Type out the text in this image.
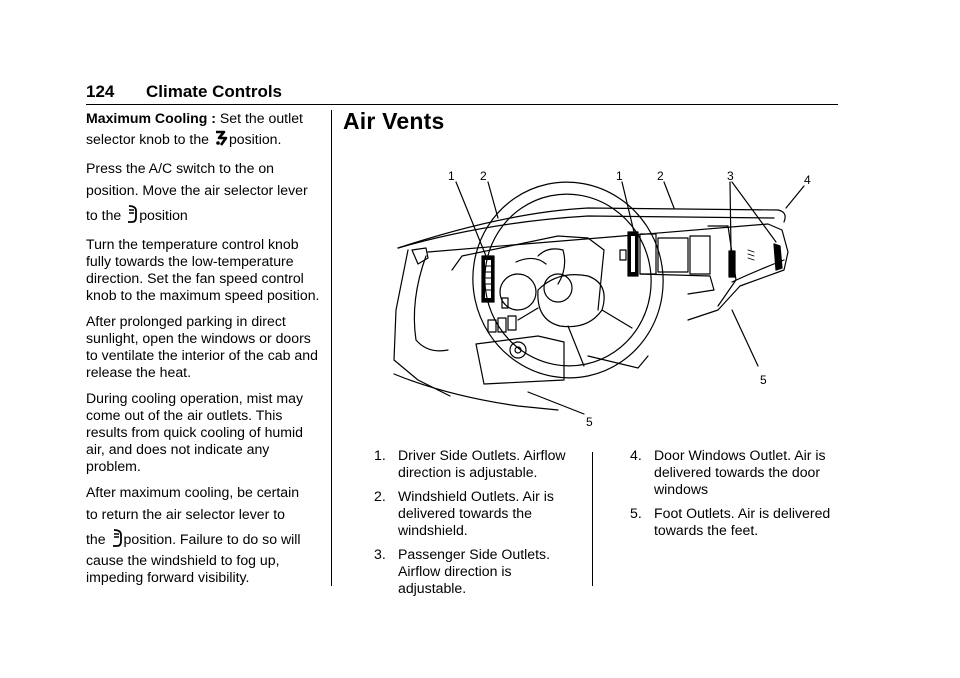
124 Climate Controls

Maximum Cooling : Set the outlet
selector knob to the position.

Press the A/C switch to the on
position. Move the air selector lever
to the position

Turn the temperature control knob fully towards the low-temperature direction. Set the fan speed control knob to the maximum speed position.

After prolonged parking in direct sunlight, open the windows or doors to ventilate the interior of the cab and release the heat.

During cooling operation, mist may come out of the air outlets. This results from quick cooling of humid air, and does not indicate any problem.

After maximum cooling, be certain
to return the air selector lever to
the position. Failure to do so will
cause the windshield to fog up, impeding forward visibility.

Air Vents
1 2	1	2	3	4
5
5
1. Driver Side Outlets. Airflow direction is adjustable.
2. Windshield Outlets. Air is delivered towards the windshield.
3. Passenger Side Outlets. Airflow direction is adjustable.
4. Door Windows Outlet. Air is delivered towards the door windows
5. Foot Outlets. Air is delivered towards the feet.
